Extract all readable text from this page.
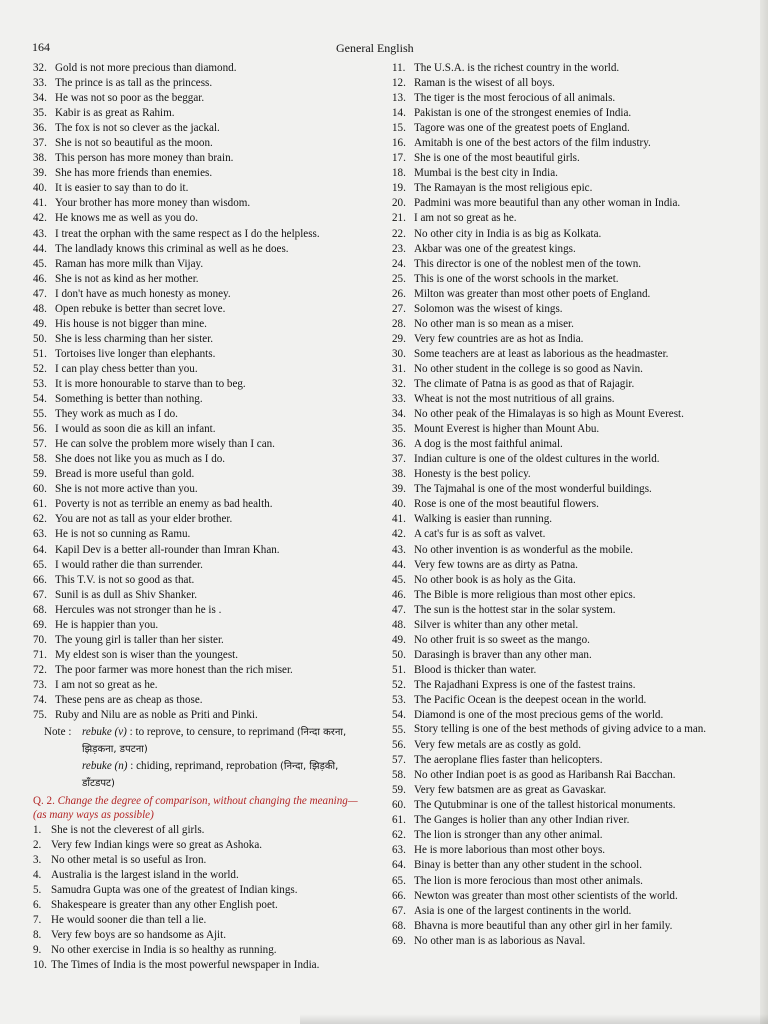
164	General English
32. Gold is not more precious than diamond.
33. The prince is as tall as the princess.
34. He was not so poor as the beggar.
35. Kabir is as great as Rahim.
36. The fox is not so clever as the jackal.
37. She is not so beautiful as the moon.
38. This person has more money than brain.
39. She has more friends than enemies.
40. It is easier to say than to do it.
41. Your brother has more money than wisdom.
42. He knows me as well as you do.
43. I treat the orphan with the same respect as I do the helpless.
44. The landlady knows this criminal as well as he does.
45. Raman has more milk than Vijay.
46. She is not as kind as her mother.
47. I don't have as much honesty as money.
48. Open rebuke is better than secret love.
49. His house is not bigger than mine.
50. She is less charming than her sister.
51. Tortoises live longer than elephants.
52. I can play chess better than you.
53. It is more honourable to starve than to beg.
54. Something is better than nothing.
55. They work as much as I do.
56. I would as soon die as kill an infant.
57. He can solve the problem more wisely than I can.
58. She does not like you as much as I do.
59. Bread is more useful than gold.
60. She is not more active than you.
61. Poverty is not as terrible an enemy as bad health.
62. You are not as tall as your elder brother.
63. He is not so cunning as Ramu.
64. Kapil Dev is a better all-rounder than Imran Khan.
65. I would rather die than surrender.
66. This T.V. is not so good as that.
67. Sunil is as dull as Shiv Shanker.
68. Hercules was not stronger than he is .
69. He is happier than you.
70. The young girl is taller than her sister.
71. My eldest son is wiser than the youngest.
72. The poor farmer was more honest than the rich miser.
73. I am not so great as he.
74. These pens are as cheap as those.
75. Ruby and Nilu are as noble as Priti and Pinki.
Note : rebuke (v) : to reprove, to censure, to reprimand (निन्दा करना,
झिड़कना, डपटना)
rebuke (n) : chiding, reprimand, reprobation (निन्दा, झिड़की,
डाँटडपट)
Q. 2. Change the degree of comparison, without changing the meaning—(as many ways as possible)
1. She is not the cleverest of all girls.
2. Very few Indian kings were so great as Ashoka.
3. No other metal is so useful as Iron.
4. Australia is the largest island in the world.
5. Samudra Gupta was one of the greatest of Indian kings.
6. Shakespeare is greater than any other English poet.
7. He would sooner die than tell a lie.
8. Very few boys are so handsome as Ajit.
9. No other exercise in India is so healthy as running.
10. The Times of India is the most powerful newspaper in India.
11. The U.S.A. is the richest country in the world.
12. Raman is the wisest of all boys.
13. The tiger is the most ferocious of all animals.
14. Pakistan is one of the strongest enemies of India.
15. Tagore was one of the greatest poets of England.
16. Amitabh is one of the best actors of the film industry.
17. She is one of the most beautiful girls.
18. Mumbai is the best city in India.
19. The Ramayan is the most religious epic.
20. Padmini was more beautiful than any other woman in India.
21. I am not so great as he.
22. No other city in India is as big as Kolkata.
23. Akbar was one of the greatest kings.
24. This director is one of the noblest men of the town.
25. This is one of the worst schools in the market.
26. Milton was greater than most other poets of England.
27. Solomon was the wisest of kings.
28. No other man is so mean as a miser.
29. Very few countries are as hot as India.
30. Some teachers are at least as laborious as the headmaster.
31. No other student in the college is so good as Navin.
32. The climate of Patna is as good as that of Rajagir.
33. Wheat is not the most nutritious of all grains.
34. No other peak of the Himalayas is so high as Mount Everest.
35. Mount Everest is higher than Mount Abu.
36. A dog is the most faithful animal.
37. Indian culture is one of the oldest cultures in the world.
38. Honesty is the best policy.
39. The Tajmahal is one of the most wonderful buildings.
40. Rose is one of the most beautiful flowers.
41. Walking is easier than running.
42. A cat's fur is as soft as valvet.
43. No other invention is as wonderful as the mobile.
44. Very few towns are as dirty as Patna.
45. No other book is as holy as the Gita.
46. The Bible is more religious than most other epics.
47. The sun is the hottest star in the solar system.
48. Silver is whiter than any other metal.
49. No other fruit is so sweet as the mango.
50. Darasingh is braver than any other man.
51. Blood is thicker than water.
52. The Rajadhani Express is one of the fastest trains.
53. The Pacific Ocean is the deepest ocean in the world.
54. Diamond is one of the most precious gems of the world.
55. Story telling is one of the best methods of giving advice to a man.
56. Very few metals are as costly as gold.
57. The aeroplane flies faster than helicopters.
58. No other Indian poet is as good as Haribansh Rai Bacchan.
59. Very few batsmen are as great as Gavaskar.
60. The Qutubminar is one of the tallest historical monuments.
61. The Ganges is holier than any other Indian river.
62. The lion is stronger than any other animal.
63. He is more laborious than most other boys.
64. Binay is better than any other student in the school.
65. The lion is more ferocious than most other animals.
66. Newton was greater than most other scientists of the world.
67. Asia is one of the largest continents in the world.
68. Bhavna is more beautiful than any other girl in her family.
69. No other man is as laborious as Naval.
